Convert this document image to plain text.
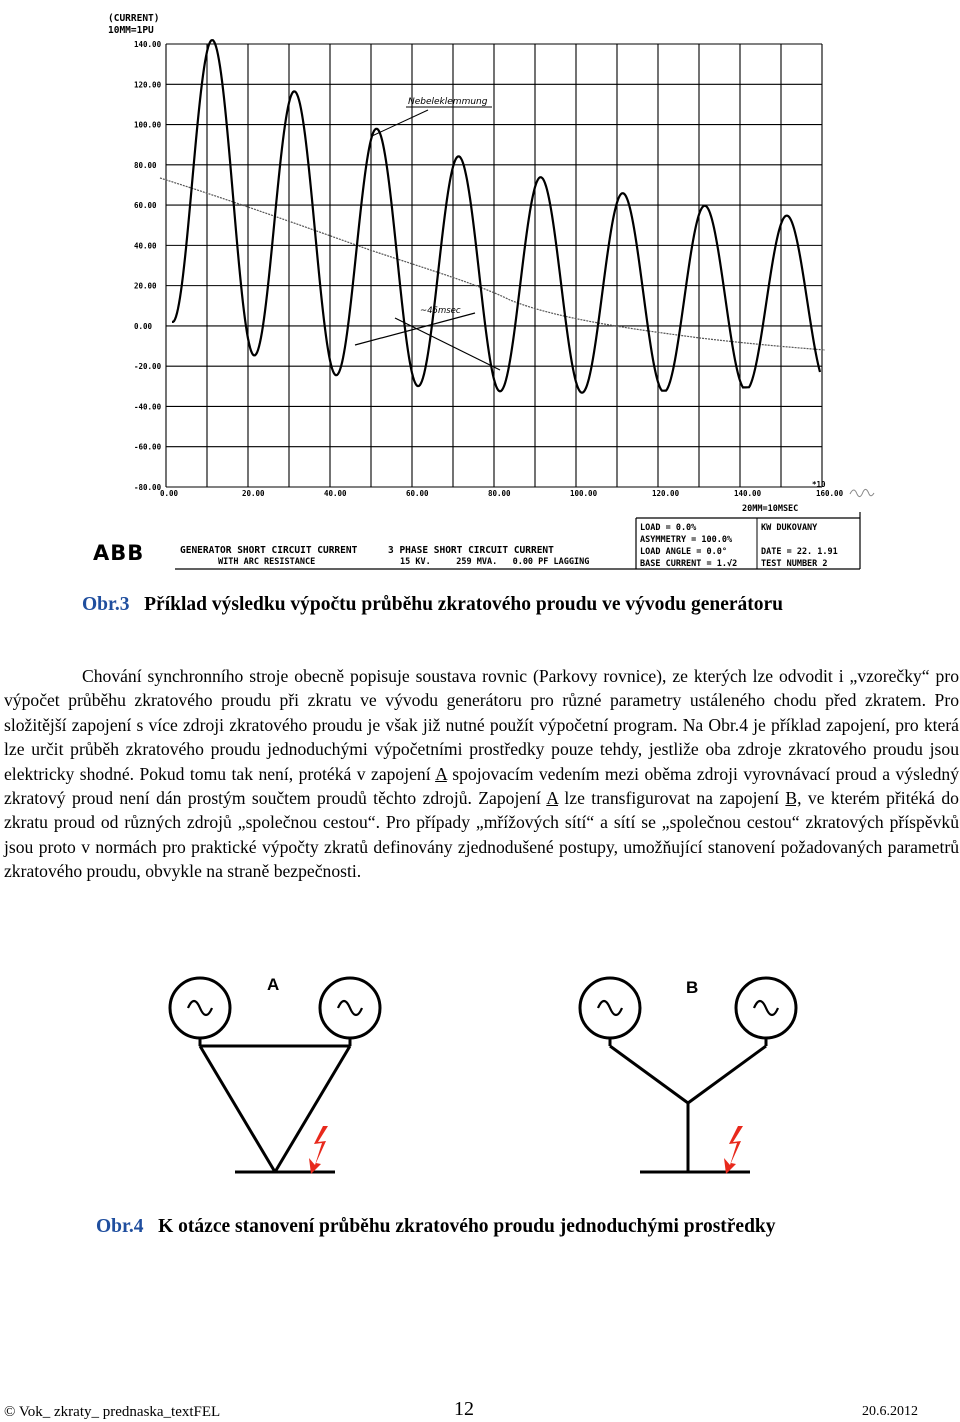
(CURRENT)
10MM=1PU
140.00
120.00
100.00
80.00
60.00
40.00
20.00
0.00
-20.00
-40.00
-60.00
-80.00
0.00	20.00	40.00	60.00	80.00	100.00	120.00	140.00	160.00
Nebeleklemmung
~45msec
*10
20MM=10MSEC
ABB	GENERATOR SHORT CIRCUIT CURRENT
WITH ARC RESISTANCE
3 PHASE SHORT CIRCUIT CURRENT
15 KV.     259 MVA.   0.00 PF LAGGING
LOAD = 0.0%
ASYMMETRY = 100.0%
LOAD ANGLE = 0.0°
BASE CURRENT = 1.√2
KW DUKOVANY
DATE = 22. 1.91
TEST NUMBER 2
Obr.3 Příklad výsledku výpočtu průběhu zkratového proudu ve vývodu generátoru
Chování synchronního stroje obecně popisuje soustava rovnic (Parkovy rovnice), ze kterých lze odvodit i „vzorečky“ pro výpočet průběhu zkratového proudu při zkratu ve vývodu generátoru pro různé parametry ustáleného chodu před zkratem. Pro složitější zapojení s více zdroji zkratového proudu je však již nutné použít výpočetní program. Na Obr.4 je příklad zapojení, pro která lze určit průběh zkratového proudu jednoduchými výpočetními prostředky pouze tehdy, jestliže oba zdroje zkratového proudu jsou elektricky shodné. Pokud tomu tak není, protéká v zapojení A spojovacím vedením mezi oběma zdroji vyrovnávací proud a výsledný zkratový proud není dán prostým součtem proudů těchto zdrojů. Zapojení A lze transfigurovat na zapojení B, ve kterém přitéká do zkratu proud od různých zdrojů „společnou cestou“. Pro případy „mřížových sítí“ a sítí se „společnou cestou“ zkratových příspěvků jsou proto v normách pro praktické výpočty zkratů definovány zjednodušené postupy, umožňující stanovení požadovaných parametrů zkratového proudu, obvykle na straně bezpečnosti.
A	B
Obr.4 K otázce stanovení průběhu zkratového proudu jednoduchými prostředky
© Vok_ zkraty_ prednaska_textFEL	12	20.6.2012
